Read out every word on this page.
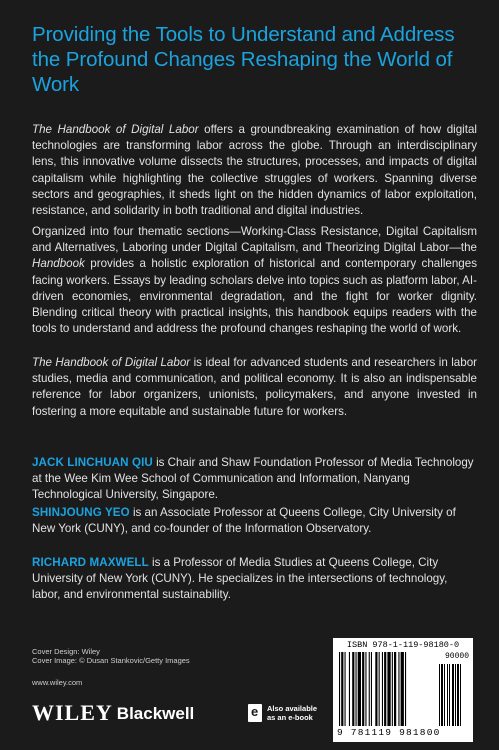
Providing the Tools to Understand and Address the Profound Changes Reshaping the World of Work
The Handbook of Digital Labor offers a groundbreaking examination of how digital technologies are transforming labor across the globe. Through an interdisciplinary lens, this innovative volume dissects the structures, processes, and impacts of digital capitalism while highlighting the collective struggles of workers. Spanning diverse sectors and geographies, it sheds light on the hidden dynamics of labor exploitation, resistance, and solidarity in both traditional and digital industries.
Organized into four thematic sections—Working-Class Resistance, Digital Capitalism and Alternatives, Laboring under Digital Capitalism, and Theorizing Digital Labor—the Handbook provides a holistic exploration of historical and contemporary challenges facing workers. Essays by leading scholars delve into topics such as platform labor, AI-driven economies, environmental degradation, and the fight for worker dignity. Blending critical theory with practical insights, this handbook equips readers with the tools to understand and address the profound changes reshaping the world of work.
The Handbook of Digital Labor is ideal for advanced students and researchers in labor studies, media and communication, and political economy. It is also an indispensable reference for labor organizers, unionists, policymakers, and anyone invested in fostering a more equitable and sustainable future for workers.
JACK LINCHUAN QIU is Chair and Shaw Foundation Professor of Media Technology at the Wee Kim Wee School of Communication and Information, Nanyang Technological University, Singapore.
SHINJOUNG YEO is an Associate Professor at Queens College, City University of New York (CUNY), and co-founder of the Information Observatory.
RICHARD MAXWELL is a Professor of Media Studies at Queens College, City University of New York (CUNY). He specializes in the intersections of technology, labor, and environmental sustainability.
Cover Design: Wiley
Cover Image: © Dusan Stankovic/Getty Images
www.wiley.com
WILEY Blackwell
e	Also available
as an e-book
ISBN 978-1-119-98180-0
90000
9 781119 981800
